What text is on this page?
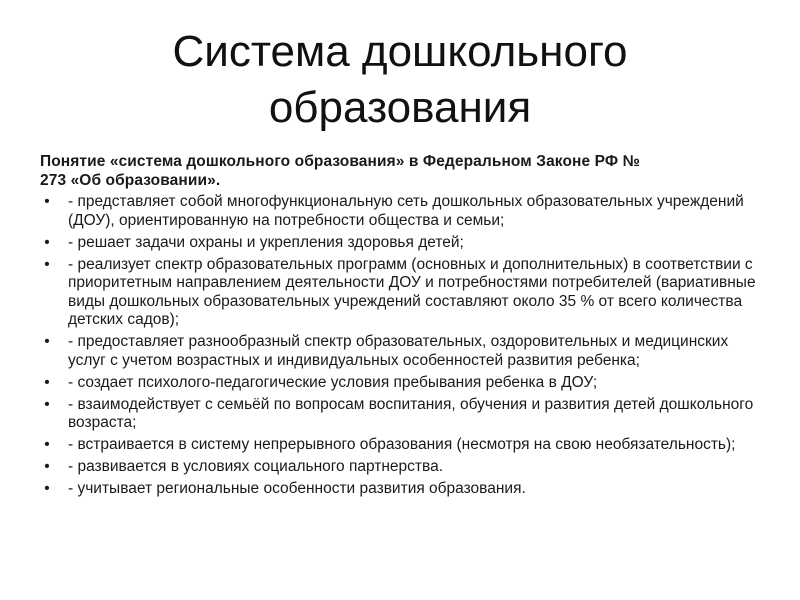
Система дошкольного
образования

Понятие «система дошкольного образования» в Федеральном Законе РФ №
273 «Об образовании».

• - представляет собой многофункциональную сеть дошкольных образовательных учреждений (ДОУ), ориентированную на потребности общества и семьи;
• - решает задачи охраны и укрепления здоровья детей;
• - реализует спектр образовательных программ (основных и дополнительных) в соответствии с приоритетным направлением деятельности ДОУ и потребностями потребителей (вариативные виды дошкольных образовательных учреждений составляют около 35 % от всего количества детских садов);
• - предоставляет разнообразный спектр образовательных, оздоровительных и медицинских услуг с учетом возрастных и индивидуальных особенностей развития ребенка;
• - создает психолого-педагогические условия пребывания ребенка в ДОУ;
• - взаимодействует с семьёй по вопросам воспитания, обучения и развития детей дошкольного возраста;
• - встраивается в систему непрерывного образования (несмотря на свою необязательность);
• - развивается в условиях социального партнерства.
• - учитывает региональные особенности развития образования.
